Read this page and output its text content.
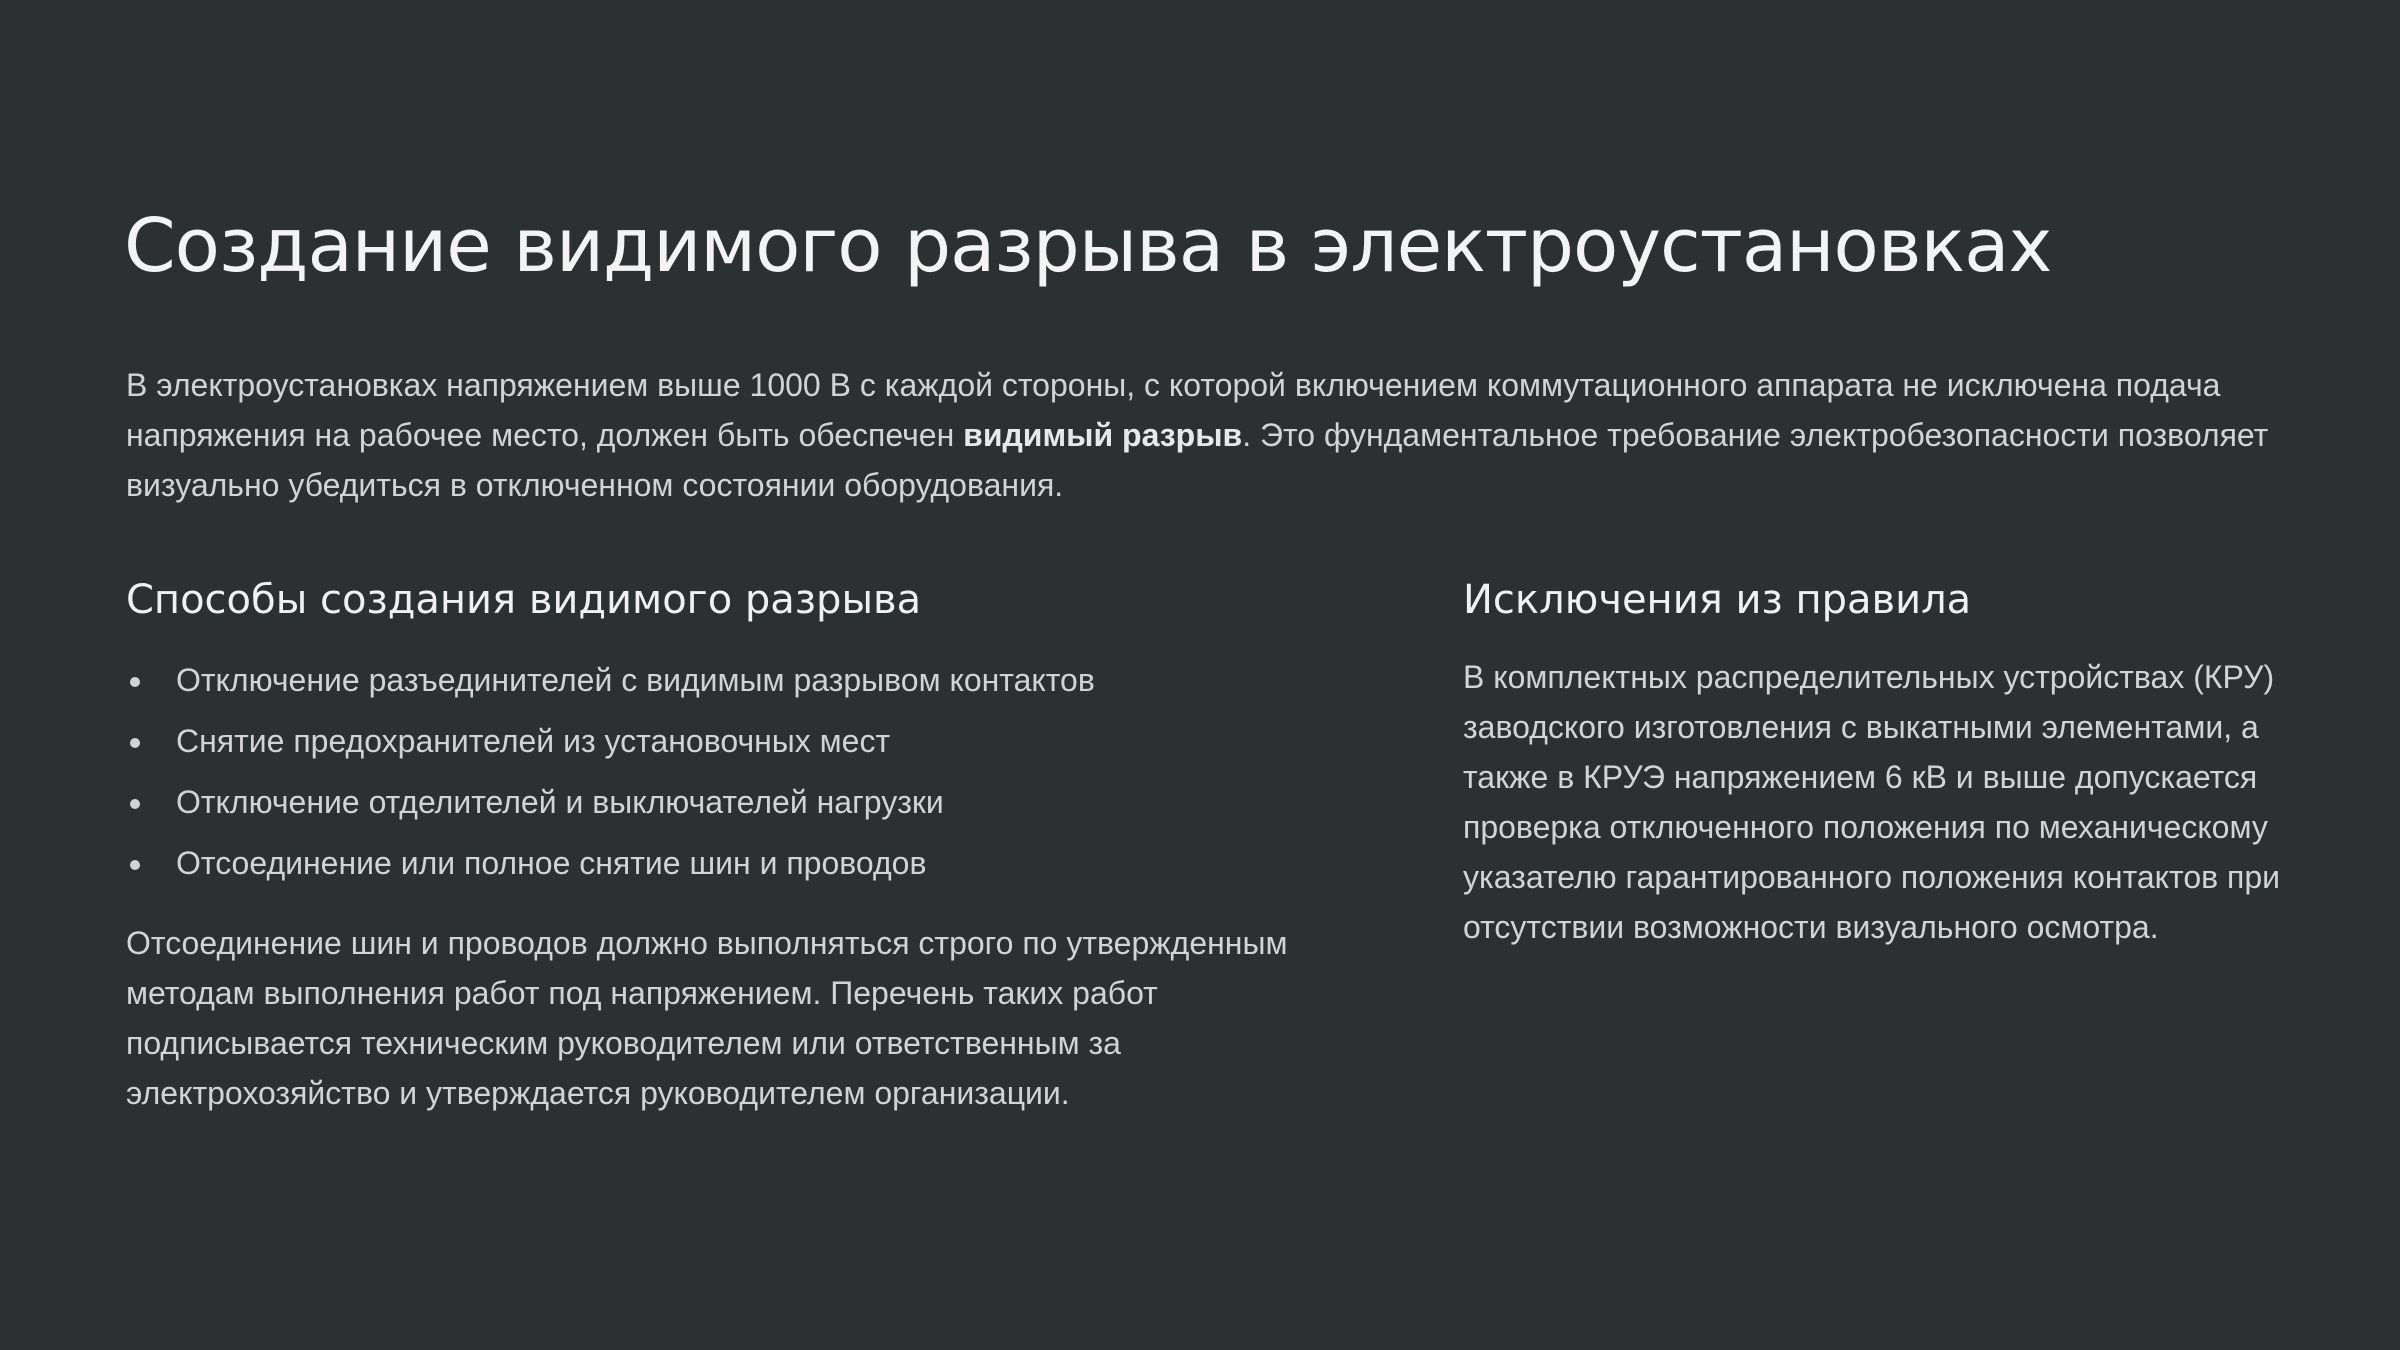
Создание видимого разрыва в электроустановках

В электроустановках напряжением выше 1000 В с каждой стороны, с которой включением коммутационного аппарата не исключена подача напряжения на рабочее место, должен быть обеспечен видимый разрыв. Это фундаментальное требование электробезопасности позволяет визуально убедиться в отключенном состоянии оборудования.

Способы создания видимого разрыва
Отключение разъединителей с видимым разрывом контактов
Снятие предохранителей из установочных мест
Отключение отделителей и выключателей нагрузки
Отсоединение или полное снятие шин и проводов

Отсоединение шин и проводов должно выполняться строго по утвержденным методам выполнения работ под напряжением. Перечень таких работ подписывается техническим руководителем или ответственным за электрохозяйство и утверждается руководителем организации.

Исключения из правила

В комплектных распределительных устройствах (КРУ) заводского изготовления с выкатными элементами, а также в КРУЭ напряжением 6 кВ и выше допускается проверка отключенного положения по механическому указателю гарантированного положения контактов при отсутствии возможности визуального осмотра.
